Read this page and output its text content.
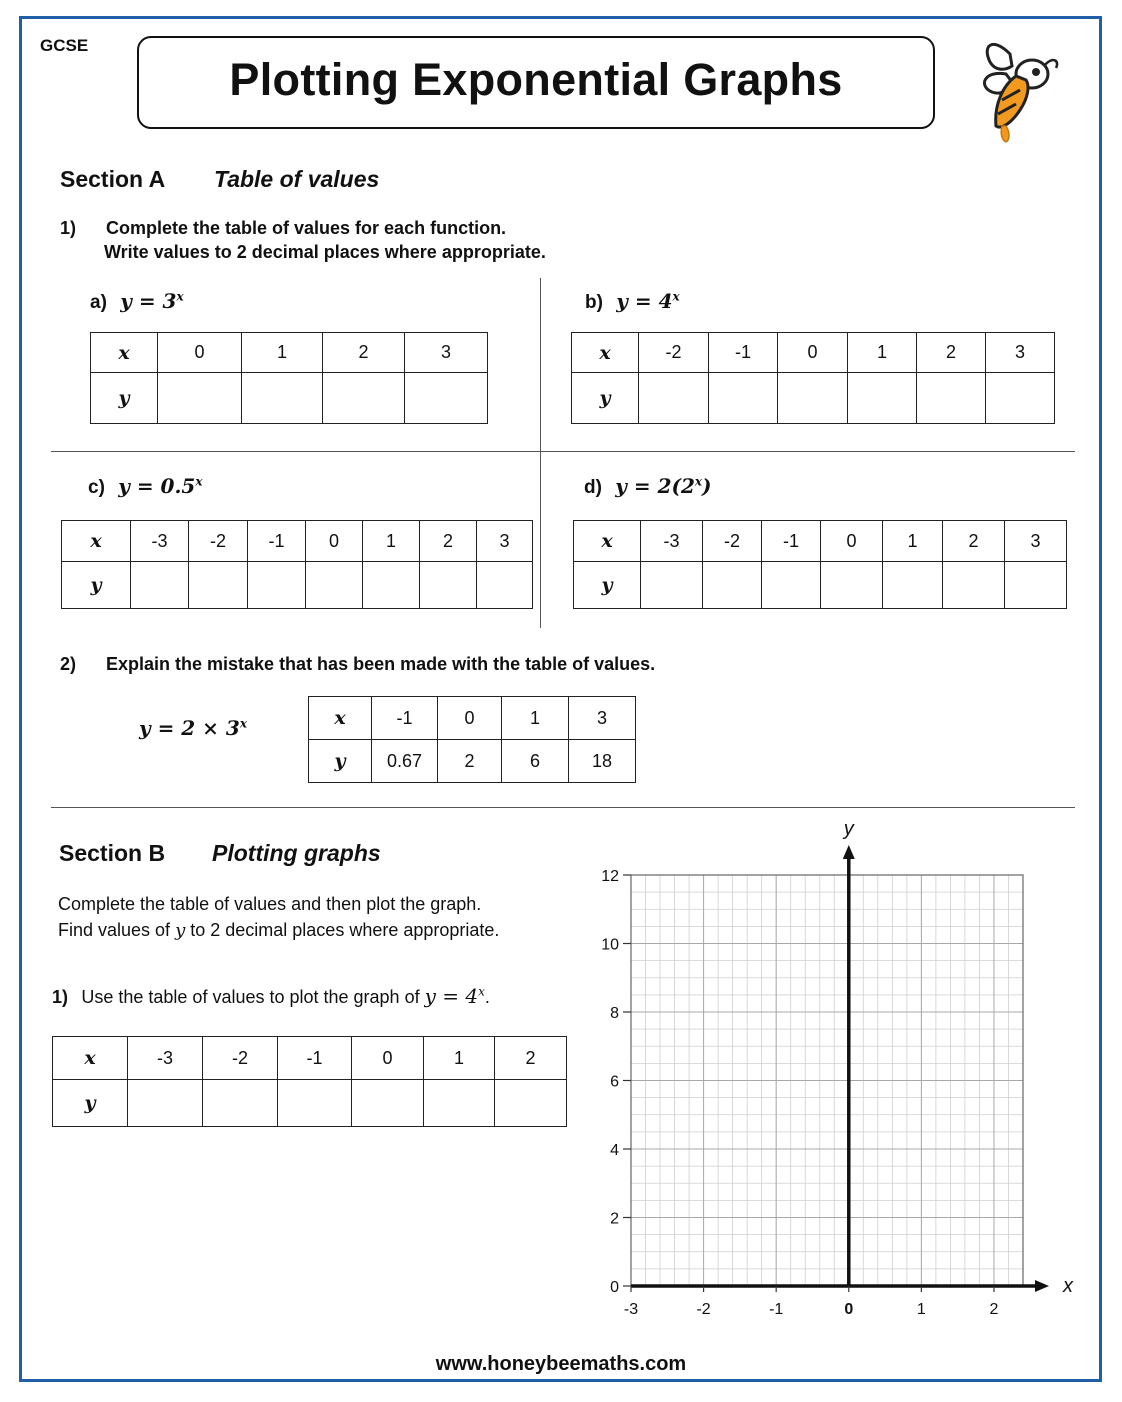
GCSE
Plotting Exponential Graphs
Section A Table of values
1) Complete the table of values for each function.
Write values to 2 decimal places where appropriate.
a) $y = 3^x$
x	0	1	2	3
y				
b) $y = 4^x$
x	-2	-1	0	1	2	3
y						
c) $y = 0.5^x$
x	-3	-2	-1	0	1	2	3
y							
d) $y = 2(2^x)$
x	-3	-2	-1	0	1	2	3
y							
2) Explain the mistake that has been made with the table of values.
$y = 2 \times 3^x$	x	-1	0	1	3
y	0.67	2	6	18
Section B Plotting graphs
Complete the table of values and then plot the graph.
Find values of y to 2 decimal places where appropriate.
1) Use the table of values to plot the graph of $y = 4^x$.
x	-3	-2	-1	0	1	2
y						
0
2
4
6
8
10
12
x
y
-3	-2	-1	0	1	2
www.honeybeemaths.com
